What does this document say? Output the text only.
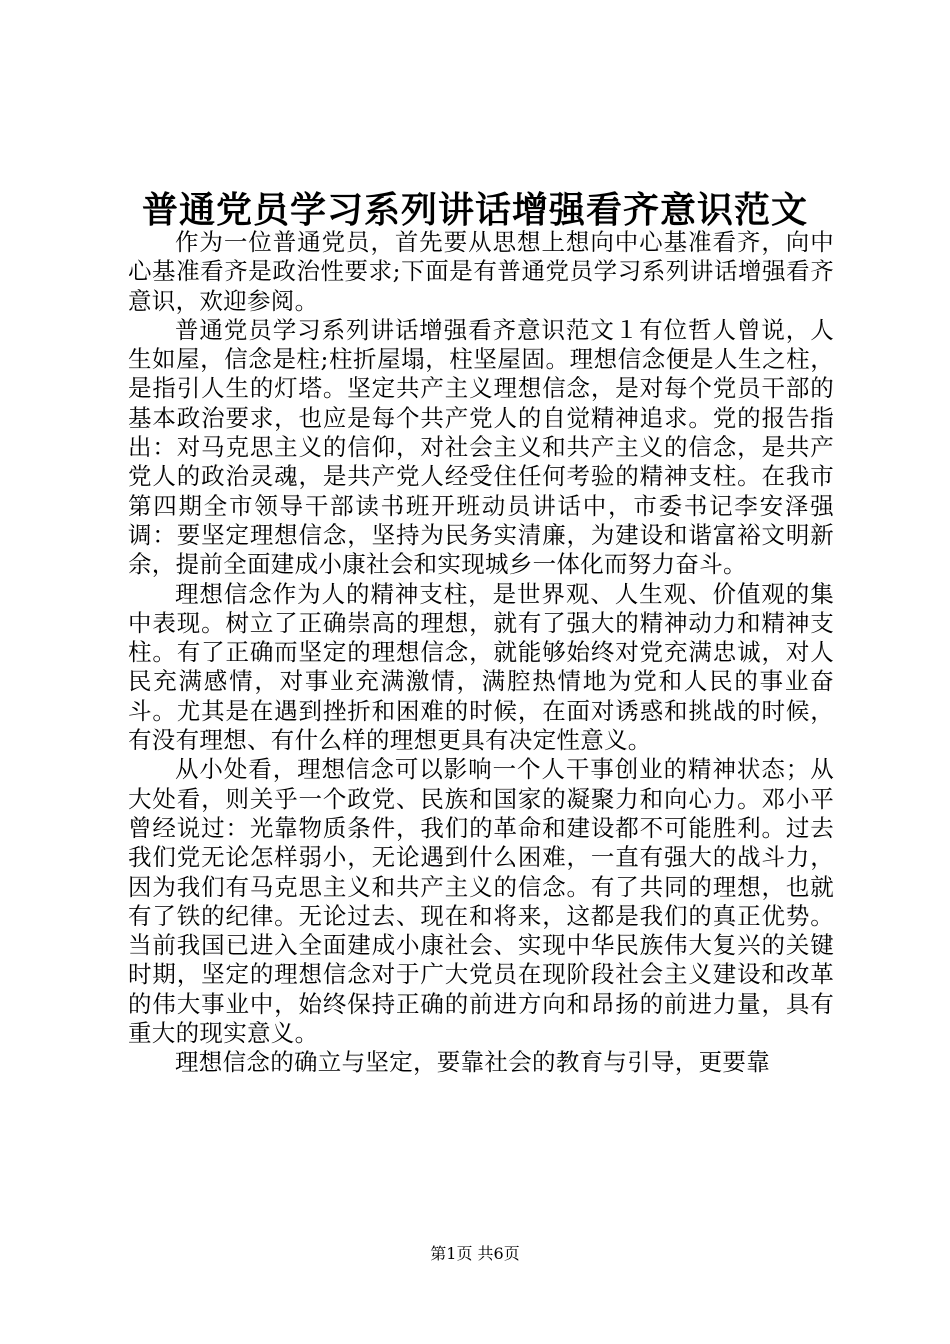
普通党员学习系列讲话增强看齐意识范文

作为一位普通党员，首先要从思想上想向中心基准看齐，向中心基准看齐是政治性要求;下面是有普通党员学习系列讲话增强看齐意识，欢迎参阅。

普通党员学习系列讲话增强看齐意识范文１有位哲人曾说，人生如屋，信念是柱;柱折屋塌，柱坚屋固。理想信念便是人生之柱，是指引人生的灯塔。坚定共产主义理想信念，是对每个党员干部的基本政治要求，也应是每个共产党人的自觉精神追求。党的报告指出：对马克思主义的信仰，对社会主义和共产主义的信念，是共产党人的政治灵魂，是共产党人经受住任何考验的精神支柱。在我市第四期全市领导干部读书班开班动员讲话中，市委书记李安泽强调：要坚定理想信念，坚持为民务实清廉，为建设和谐富裕文明新余，提前全面建成小康社会和实现城乡一体化而努力奋斗。

理想信念作为人的精神支柱，是世界观、人生观、价值观的集中表现。树立了正确崇高的理想，就有了强大的精神动力和精神支柱。有了正确而坚定的理想信念，就能够始终对党充满忠诚，对人民充满感情，对事业充满激情，满腔热情地为党和人民的事业奋斗。尤其是在遇到挫折和困难的时候，在面对诱惑和挑战的时候，有没有理想、有什么样的理想更具有决定性意义。

从小处看，理想信念可以影响一个人干事创业的精神状态；从大处看，则关乎一个政党、民族和国家的凝聚力和向心力。邓小平曾经说过：光靠物质条件，我们的革命和建设都不可能胜利。过去我们党无论怎样弱小，无论遇到什么困难，一直有强大的战斗力，因为我们有马克思主义和共产主义的信念。有了共同的理想，也就有了铁的纪律。无论过去、现在和将来，这都是我们的真正优势。当前我国已进入全面建成小康社会、实现中华民族伟大复兴的关键时期，坚定的理想信念对于广大党员在现阶段社会主义建设和改革的伟大事业中，始终保持正确的前进方向和昂扬的前进力量，具有重大的现实意义。

理想信念的确立与坚定，要靠社会的教育与引导，更要靠

第1页 共6页
